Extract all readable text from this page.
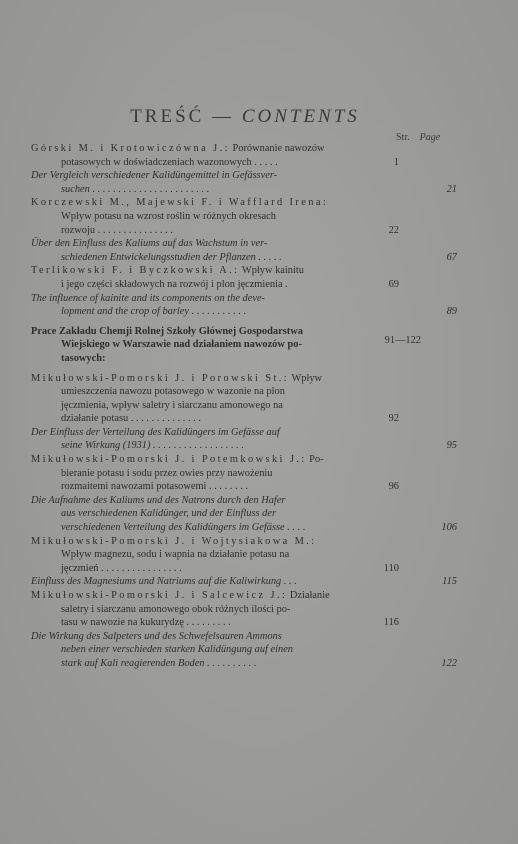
TREŚĆ — CONTENTS
Str. Page
Górski M. i Krotowiczówna J.: Porównanie nawozów
potasowych w doświadczeniach wazonowych . . . . .	1
Der Vergleich verschiedener Kalidüngemittel in Gefässver-
suchen . . . . . . . . . . . . . . . . . . . . . . .	21
Korczewski M., Majewski F. i Wafflard Irena:
Wpływ potasu na wzrost roślin w różnych okresach
rozwoju . . . . . . . . . . . . . . .	22
Über den Einfluss des Kaliums auf das Wachstum in ver-
schiedenen Entwickelungsstudien der Pflanzen . . . . .	67
Terlikowski F. i Byczkowski A.: Wpływ kainitu
i jego części składowych na rozwój i plon jęczmienia .	69
The influence of kainite and its components on the deve-
lopment and the crop of barley . . . . . . . . . . .	89
Prace Zakładu Chemji Rolnej Szkoły Głównej Gospodarstwa
Wiejskiego w Warszawie nad działaniem nawozów po-
tasowych:
91—122
Mikułowski-Pomorski J. i Porowski St.: Wpływ
umieszczenia nawozu potasowego w wazonie na plon
jęczmienia, wpływ saletry i siarczanu amonowego na
działanie potasu . . . . . . . . . . . . . .	92
Der Einfluss der Verteilung des Kalidüngers im Gefässe auf
seine Wirkung (1931) . . . . . . . . . . . . . . . . . .	95
Mikułowski-Pomorski J. i Potemkowski J.: Po-
bieranie potasu i sodu przez owies przy nawożeniu
rozmaitemi nawozami potasowemi . . . . . . . .	96
Die Aufnahme des Kaliums und des Natrons durch den Hafer
aus verschiedenen Kalidünger, und der Einfluss der
verschiedenen Verteilung des Kalidüngers im Gefässe . . . .	106
Mikułowski-Pomorski J. i Wojtysiakowa M.:
Wpływ magnezu, sodu i wapnia na działanie potasu na
jęczmień . . . . . . . . . . . . . . . .	110
Einfluss des Magnesiums und Natriums auf die Kaliwirkung . . .	115
Mikułowski-Pomorski J. i Salcewicz J.: Działanie
saletry i siarczanu amonowego obok różnych ilości po-
tasu w nawozie na kukurydzę . . . . . . . . .	116
Die Wirkung des Salpeters und des Schwefelsauren Ammons
neben einer verschieden starken Kalidüngung auf einen
stark auf Kali reagierenden Boden . . . . . . . . . .	122
